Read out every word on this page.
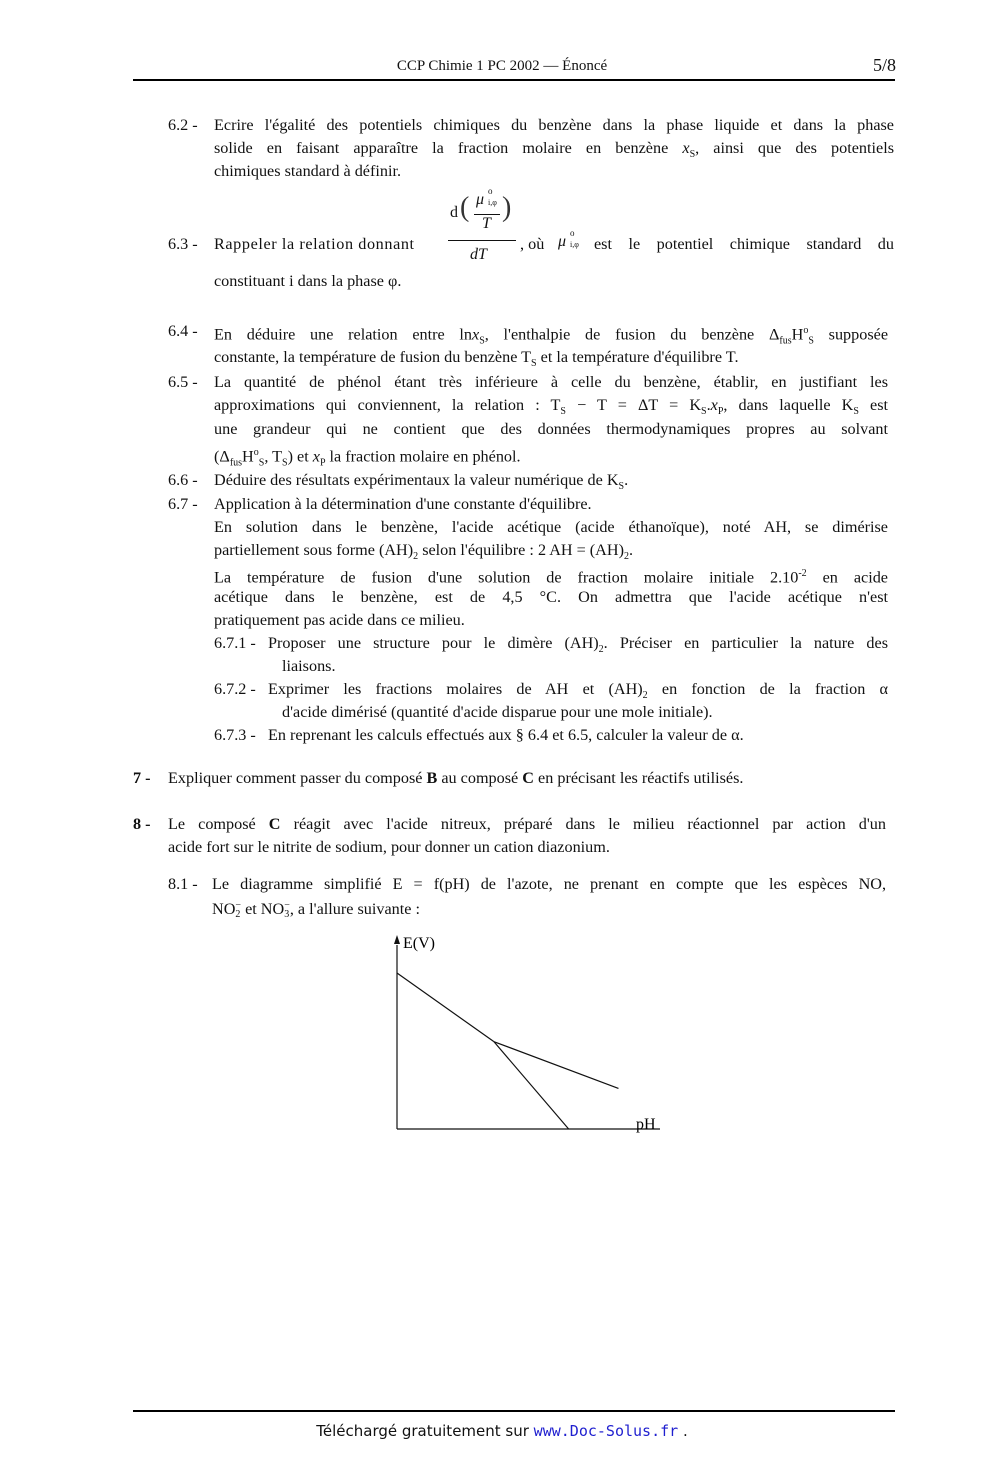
CCP Chimie 1 PC 2002 — Énoncé	5/8
6.2 - Ecrire l'égalité des potentiels chimiques du benzène dans la phase liquide et dans la phase
solide en faisant apparaître la fraction molaire en benzène $x_S$, ainsi que des potentiels
chimiques standard à définir.
6.3 - Rappeler la relation donnant
d ( μ o
i,φ
T
)
dT
, où μ o
i,φ est le potentiel chimique standard du
constituant i dans la phase φ.
6.4 - En déduire une relation entre lnx$_S$, l'enthalpie de fusion du benzène $\Delta_{fus}H^o_S$ supposée
constante, la température de fusion du benzène $T_S$ et la température d'équilibre T.
6.5 - La quantité de phénol étant très inférieure à celle du benzène, établir, en justifiant les
approximations qui conviennent, la relation : $T_S - T = \Delta T = K_S.x_P$, dans laquelle $K_S$ est
une grandeur qui ne contient que des données thermodynamiques propres au solvant
($\Delta_{fus}H^o_S$, $T_S$) et $x_P$ la fraction molaire en phénol.
6.6 - Déduire des résultats expérimentaux la valeur numérique de $K_S$.
6.7 - Application à la détermination d'une constante d'équilibre.
En solution dans le benzène, l'acide acétique (acide éthanoïque), noté AH, se dimérise
partiellement sous forme $(AH)_2$ selon l'équilibre : 2 AH = $(AH)_2$.
La température de fusion d'une solution de fraction molaire initiale $2.10^{-2}$ en acide
acétique dans le benzène, est de 4,5 °C. On admettra que l'acide acétique n'est
pratiquement pas acide dans ce milieu.
6.7.1 - Proposer une structure pour le dimère $(AH)_2$. Préciser en particulier la nature des
liaisons.
6.7.2 - Exprimer les fractions molaires de AH et $(AH)_2$ en fonction de la fraction α
d'acide dimérisé (quantité d'acide disparue pour une mole initiale).
6.7.3 - En reprenant les calculs effectués aux § 6.4 et 6.5, calculer la valeur de α.
7 - Expliquer comment passer du composé B au composé C en précisant les réactifs utilisés.
8 - Le composé C réagit avec l'acide nitreux, préparé dans le milieu réactionnel par action d'un
acide fort sur le nitrite de sodium, pour donner un cation diazonium.
8.1 - Le diagramme simplifié E = f(pH) de l'azote, ne prenant en compte que les espèces NO,
NO −
2 et NO −
3 , a l'allure suivante :
E(V)
pH
Téléchargé gratuitement sur www.Doc-Solus.fr .
